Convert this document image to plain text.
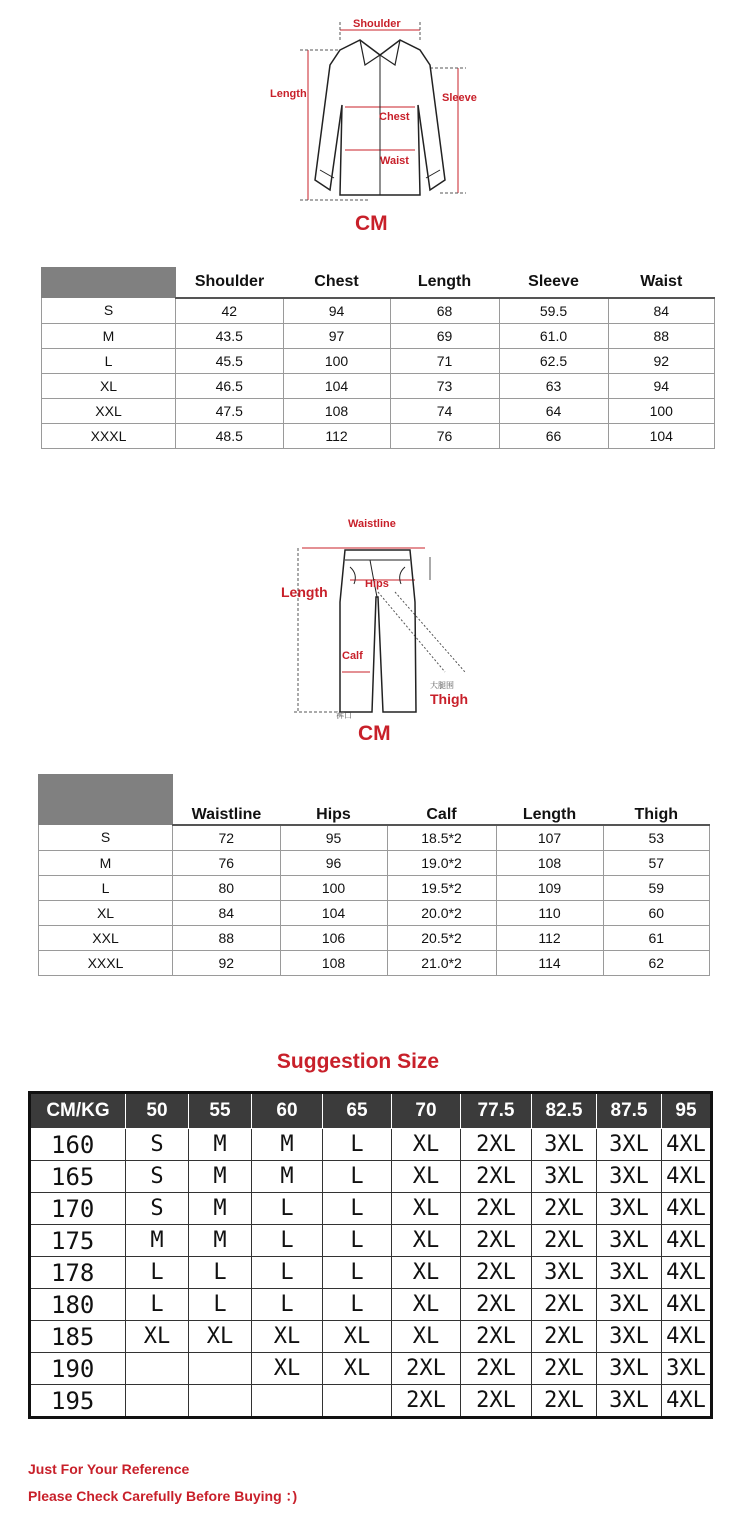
Shoulder
Length	Sleeve
Chest
Waist
CM
	Shoulder	Chest	Length	Sleeve	Waist
S	42	94	68	59.5	84
M	43.5	97	69	61.0	88
L	45.5	100	71	62.5	92
XL	46.5	104	73	63	94
XXL	47.5	108	74	64	100
XXXL	48.5	112	76	66	104
Waistline
Length	Hips
Calf
大腿围
Thigh
裤口
CM
	Waistline	Hips	Calf	Length	Thigh
S	72	95	18.5*2	107	53
M	76	96	19.0*2	108	57
L	80	100	19.5*2	109	59
XL	84	104	20.0*2	110	60
XXL	88	106	20.5*2	112	61
XXXL	92	108	21.0*2	114	62
Suggestion Size
CM/KG	50	55	60	65	70	77.5	82.5	87.5	95
160	S	M	M	L	XL	2XL	3XL	3XL	4XL
165	S	M	M	L	XL	2XL	3XL	3XL	4XL
170	S	M	L	L	XL	2XL	2XL	3XL	4XL
175	M	M	L	L	XL	2XL	2XL	3XL	4XL
178	L	L	L	L	XL	2XL	3XL	3XL	4XL
180	L	L	L	L	XL	2XL	2XL	3XL	4XL
185	XL	XL	XL	XL	XL	2XL	2XL	3XL	4XL
190			XL	XL	2XL	2XL	2XL	3XL	3XL
195					2XL	2XL	2XL	3XL	4XL
Just For Your Reference
Please Check Carefully Before Buying ：)
